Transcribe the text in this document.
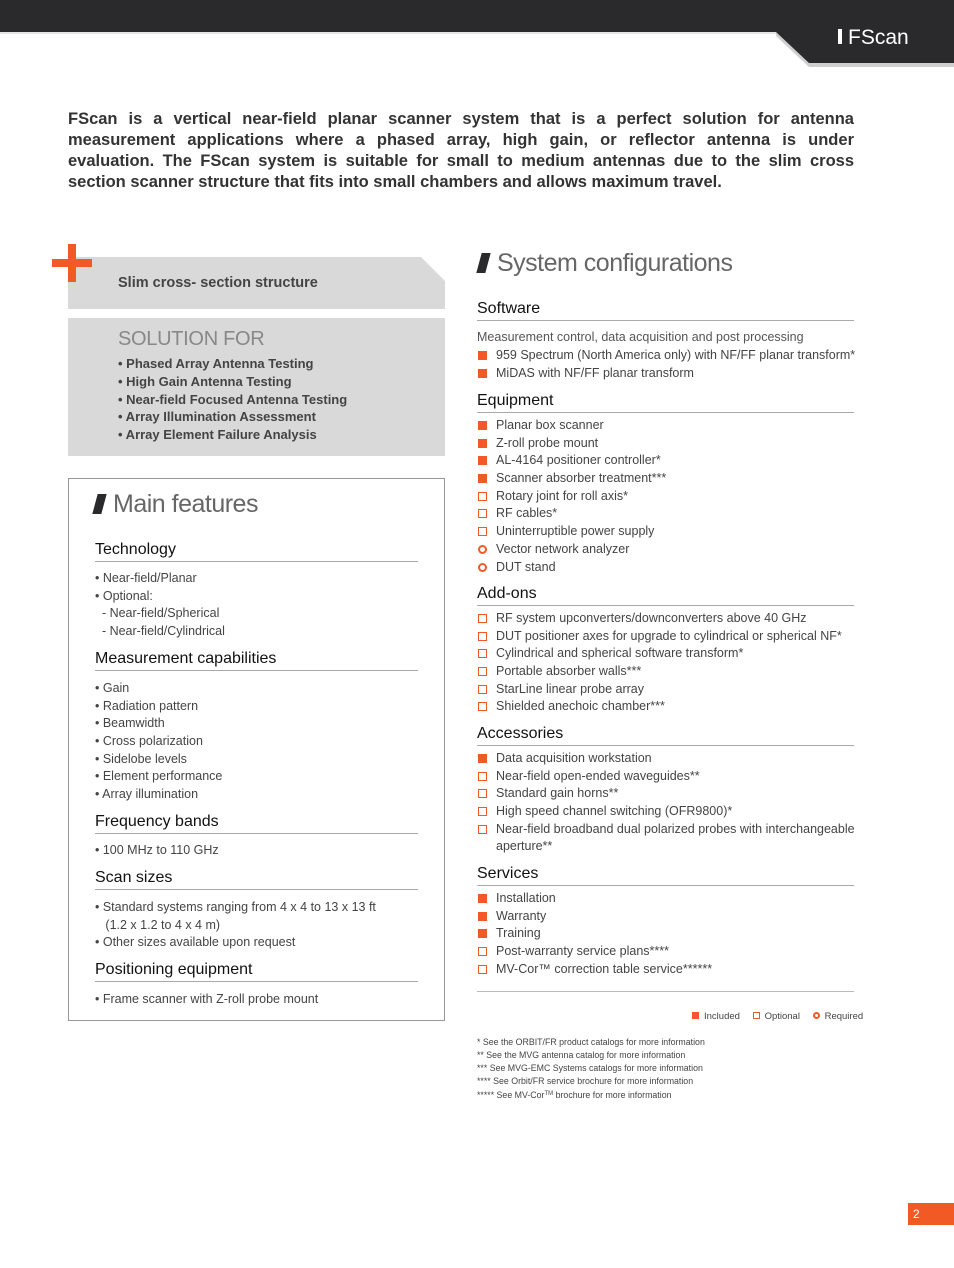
FScan

FScan is a vertical near-field planar scanner system that is a perfect solution for antenna measurement applications where a phased array, high gain, or reflector antenna is under evaluation. The FScan system is suitable for small to medium antennas due to the slim cross section scanner structure that fits into small chambers and allows maximum travel.

Slim cross- section structure
SOLUTION FOR
• Phased Array Antenna Testing
• High Gain Antenna Testing
• Near-field Focused Antenna Testing
• Array Illumination Assessment
• Array Element Failure Analysis
Main features
Technology
• Near-field/Planar
• Optional:
- Near-field/Spherical
- Near-field/Cylindrical
Measurement capabilities
• Gain
• Radiation pattern
• Beamwidth
• Cross polarization
• Sidelobe levels
• Element performance
• Array illumination
Frequency bands
• 100 MHz to 110 GHz
Scan sizes
• Standard systems ranging from 4 x 4 to 13 x 13 ft
(1.2 x 1.2 to 4 x 4 m)
• Other sizes available upon request
Positioning equipment
• Frame scanner with Z-roll probe mount
System configurations
Software
Measurement control, data acquisition and post processing
959 Spectrum (North America only) with NF/FF planar transform*
MiDAS with NF/FF planar transform
Equipment
Planar box scanner
Z-roll probe mount
AL-4164 positioner controller*
Scanner absorber treatment***
Rotary joint for roll axis*
RF cables*
Uninterruptible power supply
Vector network analyzer
DUT stand
Add-ons
RF system upconverters/downconverters above 40 GHz
DUT positioner axes for upgrade to cylindrical or spherical NF*
Cylindrical and spherical software transform*
Portable absorber walls***
StarLine linear probe array
Shielded anechoic chamber***
Accessories
Data acquisition workstation
Near-field open-ended waveguides**
Standard gain horns**
High speed channel switching (OFR9800)*
Near-field broadband dual polarized probes with interchangeable aperture**
Services
Installation
Warranty
Training
Post-warranty service plans****
MV-Cor™ correction table service******
Included	Optional	Required
* See the ORBIT/FR product catalogs for more information
** See the MVG antenna catalog for more information
*** See MVG-EMC Systems catalogs for more information
**** See Orbit/FR service brochure for more information
***** See MV-Cor™ brochure for more information
2
